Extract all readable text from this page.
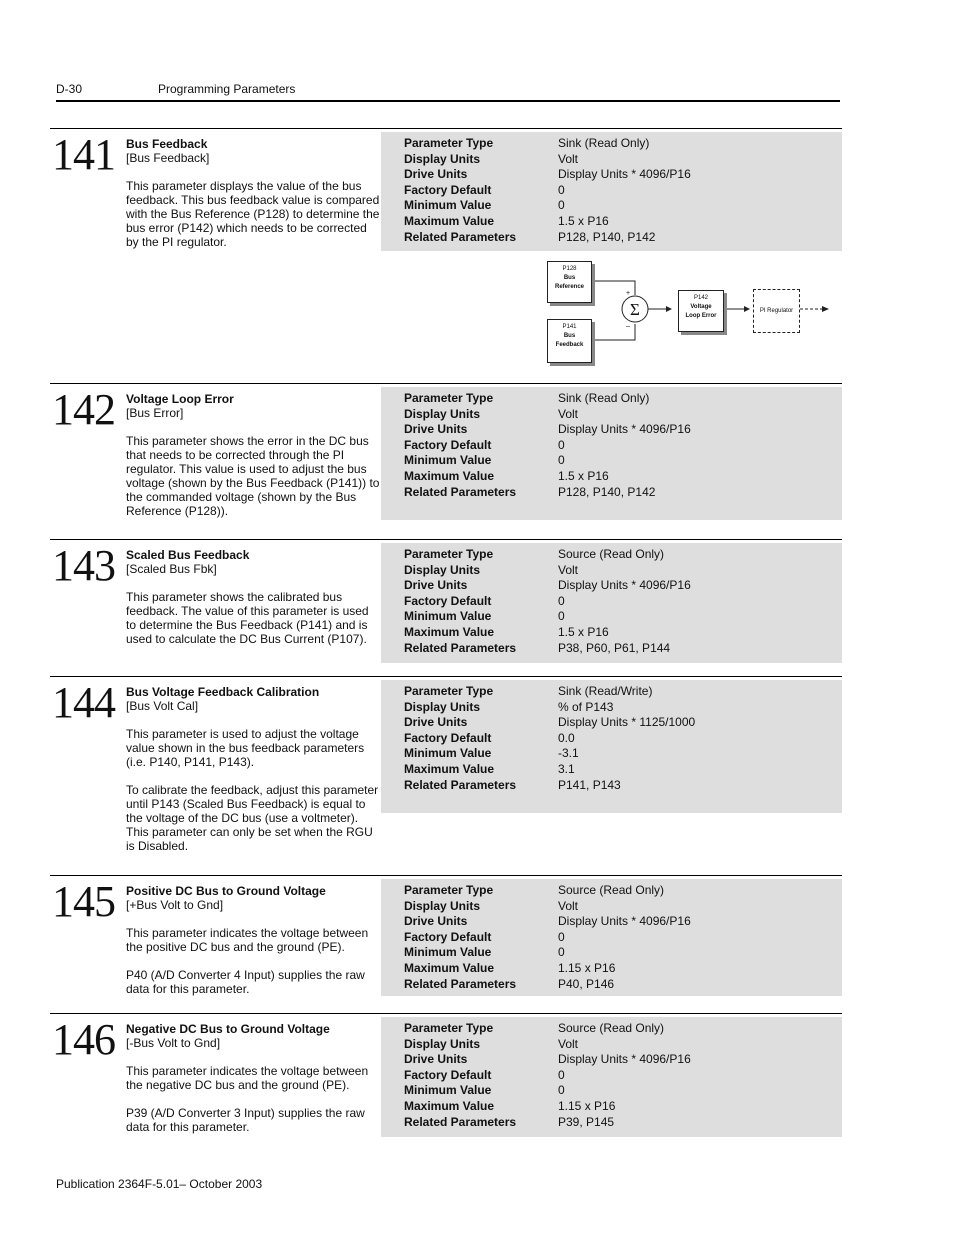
D-30	Programming Parameters
141 Bus Feedback
[Bus Feedback]

This parameter displays the value of the bus feedback. This bus feedback value is compared with the Bus Reference (P128) to determine the bus error (P142) which needs to be corrected by the PI regulator.

Parameter Type	Sink (Read Only)
Display Units	Volt
Drive Units	Display Units * 4096/P16
Factory Default	0
Minimum Value	0
Maximum Value	1.5 x P16
Related Parameters	P128, P140, P142
142 Voltage Loop Error
[Bus Error]

This parameter shows the error in the DC bus that needs to be corrected through the PI regulator. This value is used to adjust the bus voltage (shown by the Bus Feedback (P141)) to the commanded voltage (shown by the Bus Reference (P128)).

Parameter Type	Sink (Read Only)
Display Units	Volt
Drive Units	Display Units * 4096/P16
Factory Default	0
Minimum Value	0
Maximum Value	1.5 x P16
Related Parameters	P128, P140, P142
143 Scaled Bus Feedback
[Scaled Bus Fbk]

This parameter shows the calibrated bus feedback. The value of this parameter is used to determine the Bus Feedback (P141) and is used to calculate the DC Bus Current (P107).

Parameter Type	Source (Read Only)
Display Units	Volt
Drive Units	Display Units * 4096/P16
Factory Default	0
Minimum Value	0
Maximum Value	1.5 x P16
Related Parameters	P38, P60, P61, P144
144 Bus Voltage Feedback Calibration
[Bus Volt Cal]

This parameter is used to adjust the voltage value shown in the bus feedback parameters (i.e. P140, P141, P143).

To calibrate the feedback, adjust this parameter until P143 (Scaled Bus Feedback) is equal to the voltage of the DC bus (use a voltmeter). This parameter can only be set when the RGU is Disabled.

Parameter Type	Sink (Read/Write)
Display Units	% of P143
Drive Units	Display Units * 1125/1000
Factory Default	0.0
Minimum Value	-3.1
Maximum Value	3.1
Related Parameters	P141, P143
145 Positive DC Bus to Ground Voltage
[+Bus Volt to Gnd]

This parameter indicates the voltage between the positive DC bus and the ground (PE).

P40 (A/D Converter 4 Input) supplies the raw data for this parameter.

Parameter Type	Source (Read Only)
Display Units	Volt
Drive Units	Display Units * 4096/P16
Factory Default	0
Minimum Value	0
Maximum Value	1.15 x P16
Related Parameters	P40, P146
146 Negative DC Bus to Ground Voltage
[-Bus Volt to Gnd]

This parameter indicates the voltage between the negative DC bus and the ground (PE).

P39 (A/D Converter 3 Input) supplies the raw data for this parameter.

Parameter Type	Source (Read Only)
Display Units	Volt
Drive Units	Display Units * 4096/P16
Factory Default	0
Minimum Value	0
Maximum Value	1.15 x P16
Related Parameters	P39, P145
Σ
+
–
P128
Bus
Reference
P141
Bus
Feedback
P142
Voltage
Loop Error
PI Regulator
Publication 2364F-5.01– October 2003
